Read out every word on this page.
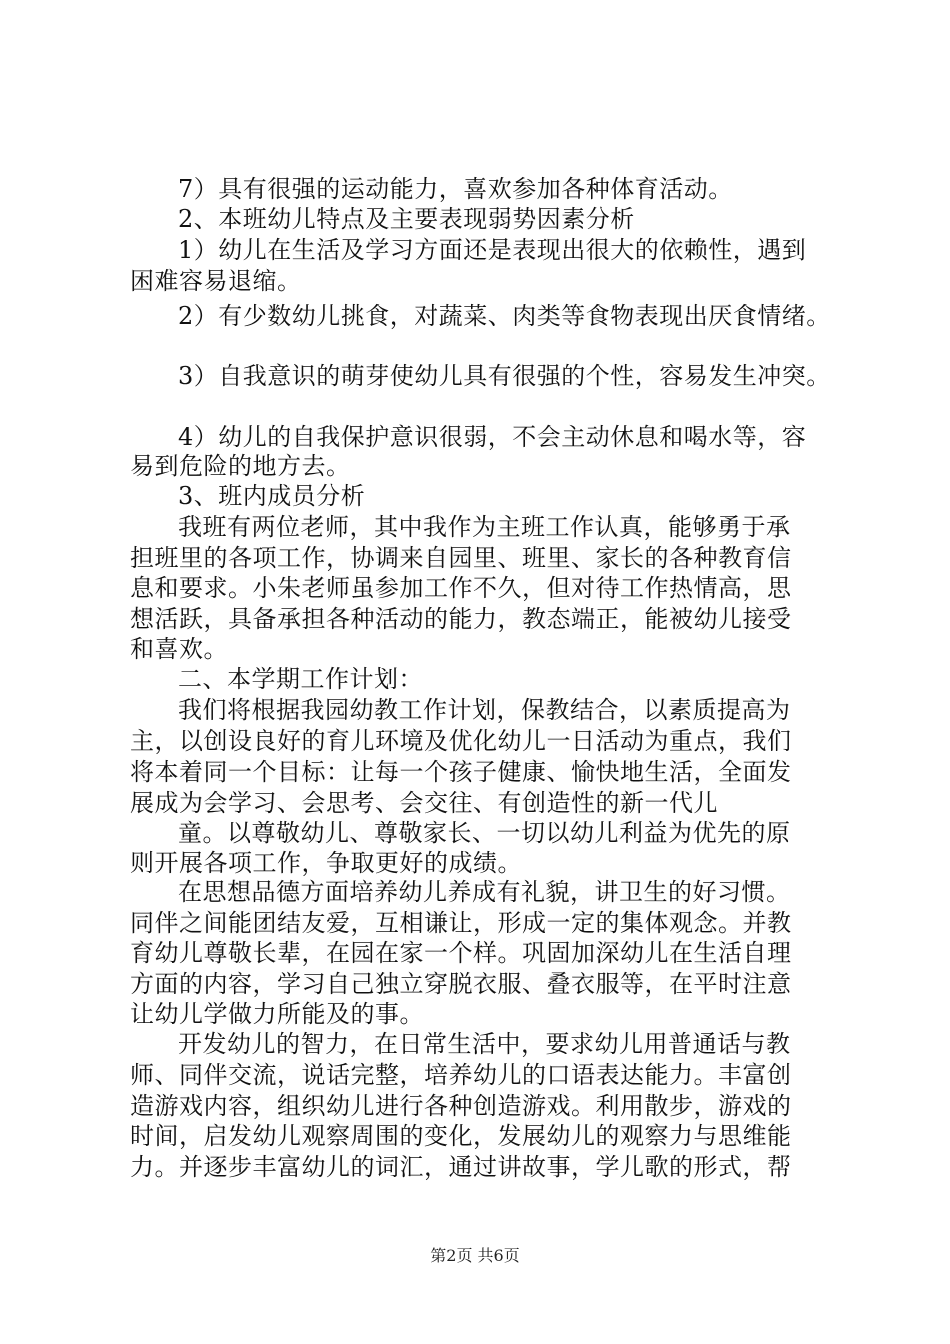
7）具有很强的运动能力，喜欢参加各种体育活动。
2、本班幼儿特点及主要表现弱势因素分析
1）幼儿在生活及学习方面还是表现出很大的依赖性，遇到
困难容易退缩。
2）有少数幼儿挑食，对蔬菜、肉类等食物表现出厌食情绪。
3）自我意识的萌芽使幼儿具有很强的个性，容易发生冲突。
4）幼儿的自我保护意识很弱，不会主动休息和喝水等，容
易到危险的地方去。
3、班内成员分析
我班有两位老师，其中我作为主班工作认真，能够勇于承
担班里的各项工作，协调来自园里、班里、家长的各种教育信
息和要求。小朱老师虽参加工作不久，但对待工作热情高，思
想活跃，具备承担各种活动的能力，教态端正，能被幼儿接受
和喜欢。
二、本学期工作计划：
我们将根据我园幼教工作计划，保教结合，以素质提高为
主，以创设良好的育儿环境及优化幼儿一日活动为重点，我们
将本着同一个目标：让每一个孩子健康、愉快地生活，全面发
展成为会学习、会思考、会交往、有创造性的新一代儿
童。以尊敬幼儿、尊敬家长、一切以幼儿利益为优先的原
则开展各项工作，争取更好的成绩。
在思想品德方面培养幼儿养成有礼貌，讲卫生的好习惯。
同伴之间能团结友爱，互相谦让，形成一定的集体观念。并教
育幼儿尊敬长辈，在园在家一个样。巩固加深幼儿在生活自理
方面的内容，学习自己独立穿脱衣服、叠衣服等，在平时注意
让幼儿学做力所能及的事。
开发幼儿的智力，在日常生活中，要求幼儿用普通话与教
师、同伴交流，说话完整，培养幼儿的口语表达能力。丰富创
造游戏内容，组织幼儿进行各种创造游戏。利用散步，游戏的
时间，启发幼儿观察周围的变化，发展幼儿的观察力与思维能
力。并逐步丰富幼儿的词汇，通过讲故事，学儿歌的形式，帮
第2页 共6页
